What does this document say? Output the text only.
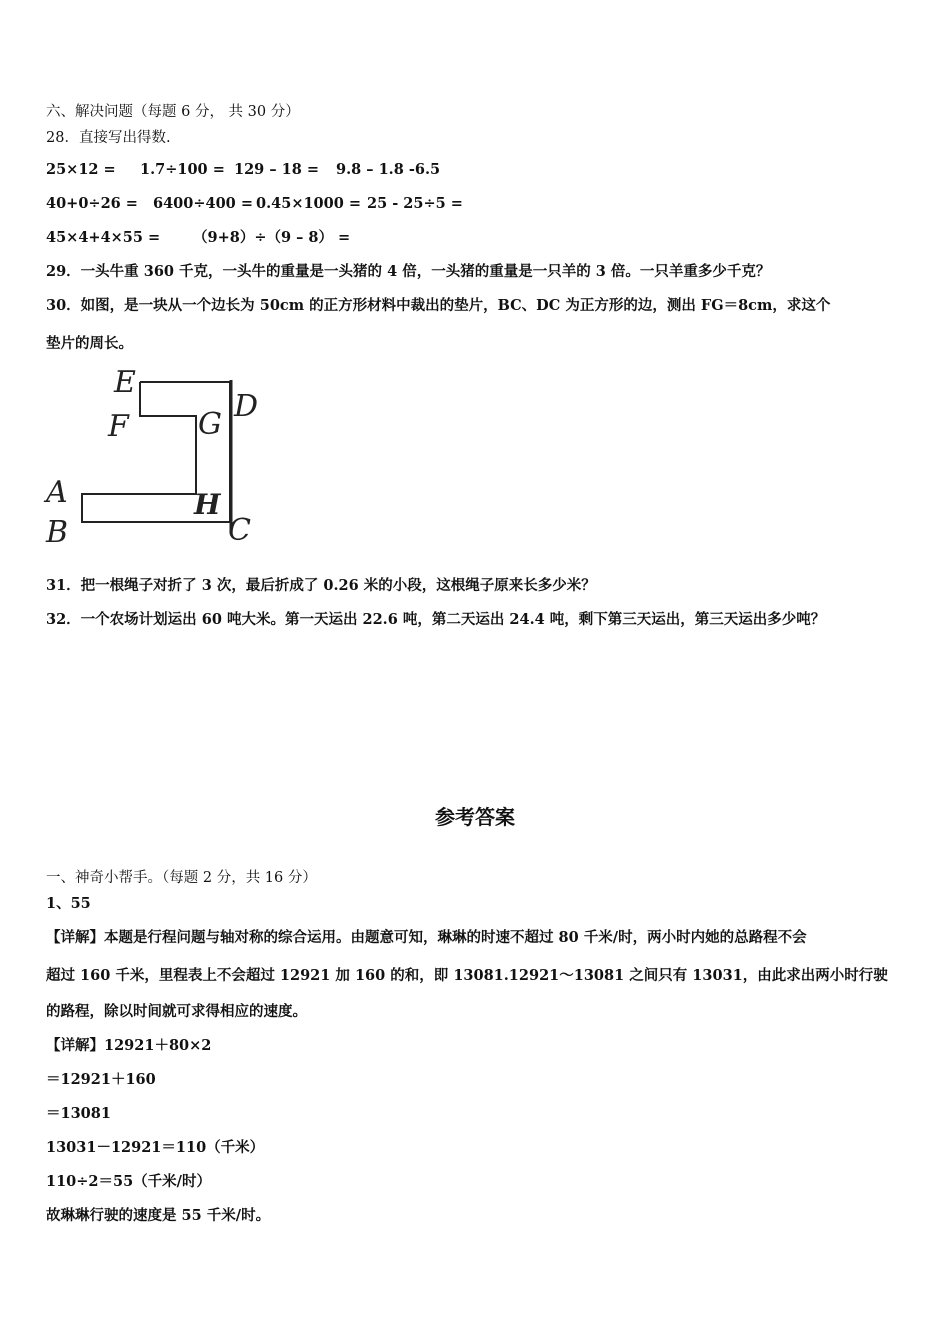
六、解决问题（每题 6 分， 共 30 分）
28．直接写出得数.
25×12 = 1.7÷100 = 129 – 18 = 9.8 – 1.8 -6.5
40+0÷26 = 6400÷400 = 0.45×1000 = 25 - 25÷5 =
45×4+4×55 = （9+8）÷（9 – 8） =
29．一头牛重 360 千克，一头牛的重量是一头猪的 4 倍，一头猪的重量是一只羊的 3 倍。一只羊重多少千克？
30．如图，是一块从一个边长为 50cm 的正方形材料中裁出的垫片，BC、DC 为正方形的边，测出 FG＝8cm，求这个
垫片的周长。
E
F G
D
A
B
H
C
31．把一根绳子对折了 3 次，最后折成了 0.26 米的小段，这根绳子原来长多少米？
32．一个农场计划运出 60 吨大米。第一天运出 22.6 吨，第二天运出 24.4 吨，剩下第三天运出，第三天运出多少吨？
参考答案
一、神奇小帮手。（每题 2 分，共 16 分）
1、55
【详解】本题是行程问题与轴对称的综合运用。由题意可知，琳琳的时速不超过 80 千米/时，两小时内她的总路程不会
超过 160 千米，里程表上不会超过 12921 加 160 的和，即 13081.12921～13081 之间只有 13031，由此求出两小时行驶
的路程，除以时间就可求得相应的速度。
【详解】12921＋80×2
＝12921＋160
＝13081
13031－12921＝110（千米）
110÷2＝55（千米/时）
故琳琳行驶的速度是 55 千米/时。
